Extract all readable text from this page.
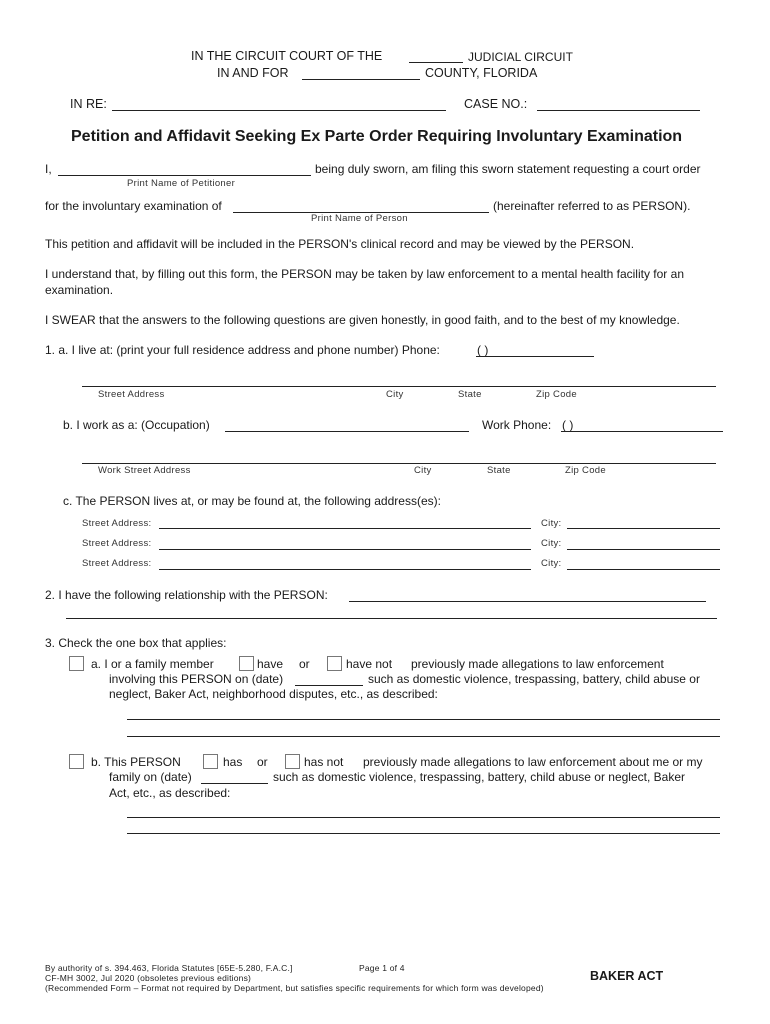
IN THE CIRCUIT COURT OF THE	JUDICIAL CIRCUIT
IN AND FOR	COUNTY, FLORIDA
IN RE:	CASE NO.:
Petition and Affidavit Seeking Ex Parte Order Requiring Involuntary Examination
I,	being duly sworn, am filing this sworn statement requesting a court order
Print Name of Petitioner
for the involuntary examination of	(hereinafter referred to as PERSON).
Print Name of Person
This petition and affidavit will be included in the PERSON's clinical record and may be viewed by the PERSON.
I understand that, by filling out this form, the PERSON may be taken by law enforcement to a mental health facility for an
examination.
I SWEAR that the answers to the following questions are given honestly, in good faith, and to the best of my knowledge.
1. a. I live at: (print your full residence address and phone number) Phone:	( )
Street Address	City	State	Zip Code
b. I work as a: (Occupation)	Work Phone: ( )
Work Street Address	City	State	Zip Code
c. The PERSON lives at, or may be found at, the following address(es):
Street Address:	City:
Street Address:	City:
Street Address:	City:
2. I have the following relationship with the PERSON:
3. Check the one box that applies:
a. I or a family member	have or	have not previously made allegations to law enforcement
involving this PERSON on (date)	such as domestic violence, trespassing, battery, child abuse or
neglect, Baker Act, neighborhood disputes, etc., as described:
b. This PERSON	has or	has not previously made allegations to law enforcement about me or my
family on (date)	such as domestic violence, trespassing, battery, child abuse or neglect, Baker
Act, etc., as described:
By authority of s. 394.463, Florida Statutes [65E-5.280, F.A.C.]	Page 1 of 4
CF-MH 3002, Jul 2020 (obsoletes previous editions)
(Recommended Form – Format not required by Department, but satisfies specific requirements for which form was developed)
BAKER ACT
